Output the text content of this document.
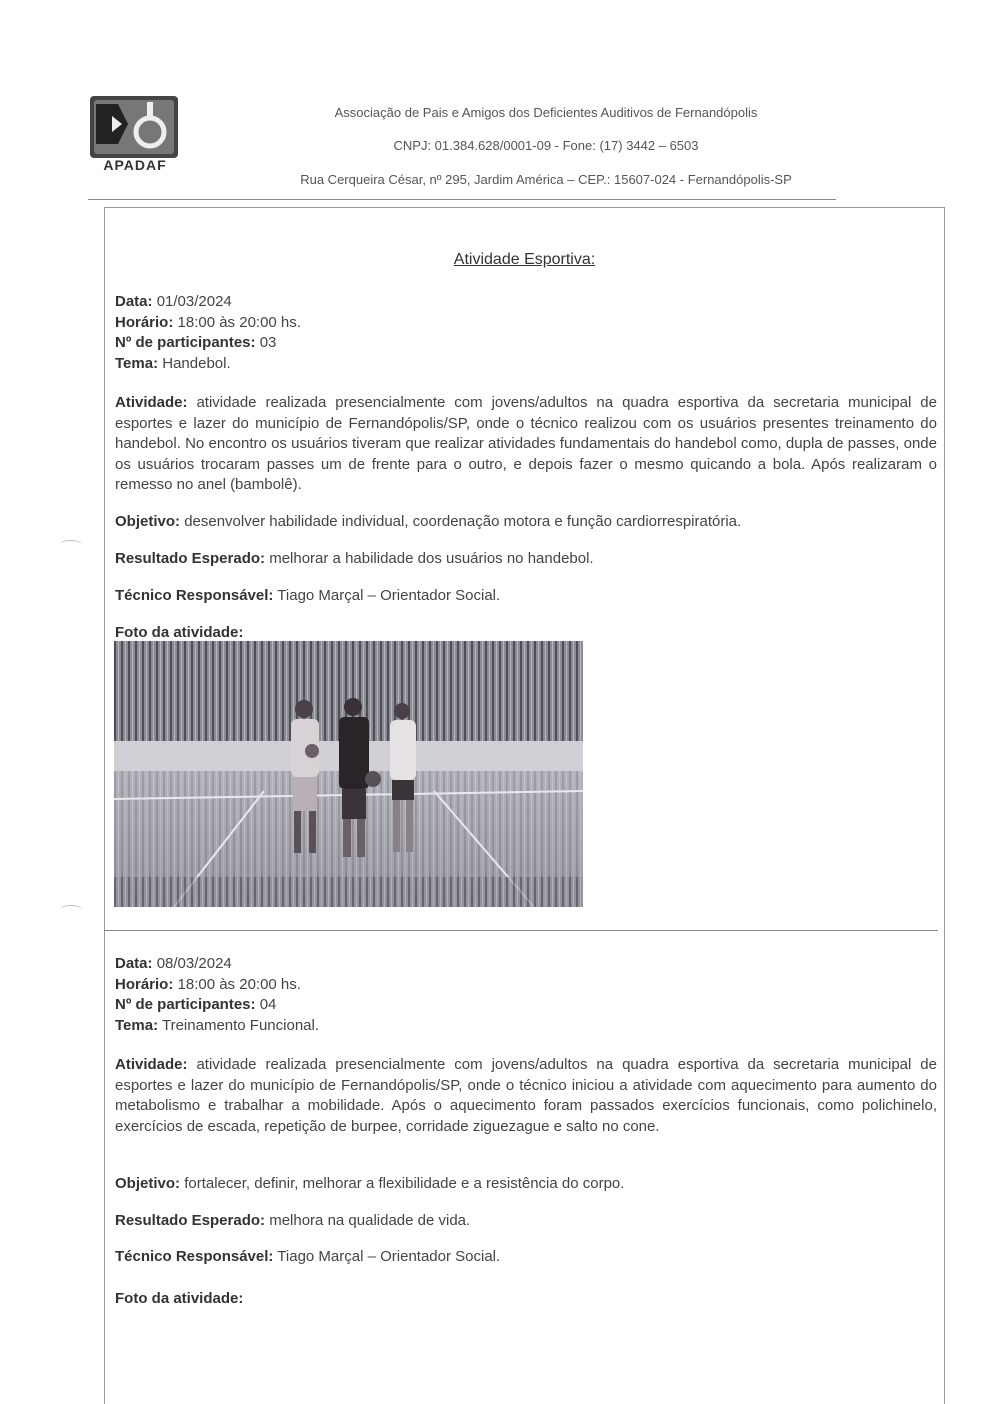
APADAF
Associação de Pais e Amigos dos Deficientes Auditivos de Fernandópolis
CNPJ: 01.384.628/0001-09 - Fone: (17) 3442 – 6503
Rua Cerqueira César, nº 295, Jardim América – CEP.: 15607-024 - Fernandópolis-SP
Atividade Esportiva:
Data: 01/03/2024
Horário: 18:00 às 20:00 hs.
Nº de participantes: 03
Tema: Handebol.
Atividade: atividade realizada presencialmente com jovens/adultos na quadra esportiva da secretaria municipal de esportes e lazer do município de Fernandópolis/SP, onde o técnico realizou com os usuários presentes treinamento do handebol. No encontro os usuários tiveram que realizar atividades fundamentais do handebol como, dupla de passes, onde os usuários trocaram passes um de frente para o outro, e depois fazer o mesmo quicando a bola. Após realizaram o remesso no anel (bambolê).
Objetivo: desenvolver habilidade individual, coordenação motora e função cardiorrespiratória.
Resultado Esperado: melhorar a habilidade dos usuários no handebol.
Técnico Responsável: Tiago Marçal – Orientador Social.
Foto da atividade:
Data: 08/03/2024
Horário: 18:00 às 20:00 hs.
Nº de participantes: 04
Tema: Treinamento Funcional.
Atividade: atividade realizada presencialmente com jovens/adultos na quadra esportiva da secretaria municipal de esportes e lazer do município de Fernandópolis/SP, onde o técnico iniciou a atividade com aquecimento para aumento do metabolismo e trabalhar a mobilidade. Após o aquecimento foram passados exercícios funcionais, como polichinelo, exercícios de escada, repetição de burpee, corridade ziguezague e salto no cone.
Objetivo: fortalecer, definir, melhorar a flexibilidade e a resistência do corpo.
Resultado Esperado: melhora na qualidade de vida.
Técnico Responsável: Tiago Marçal – Orientador Social.
Foto da atividade:
